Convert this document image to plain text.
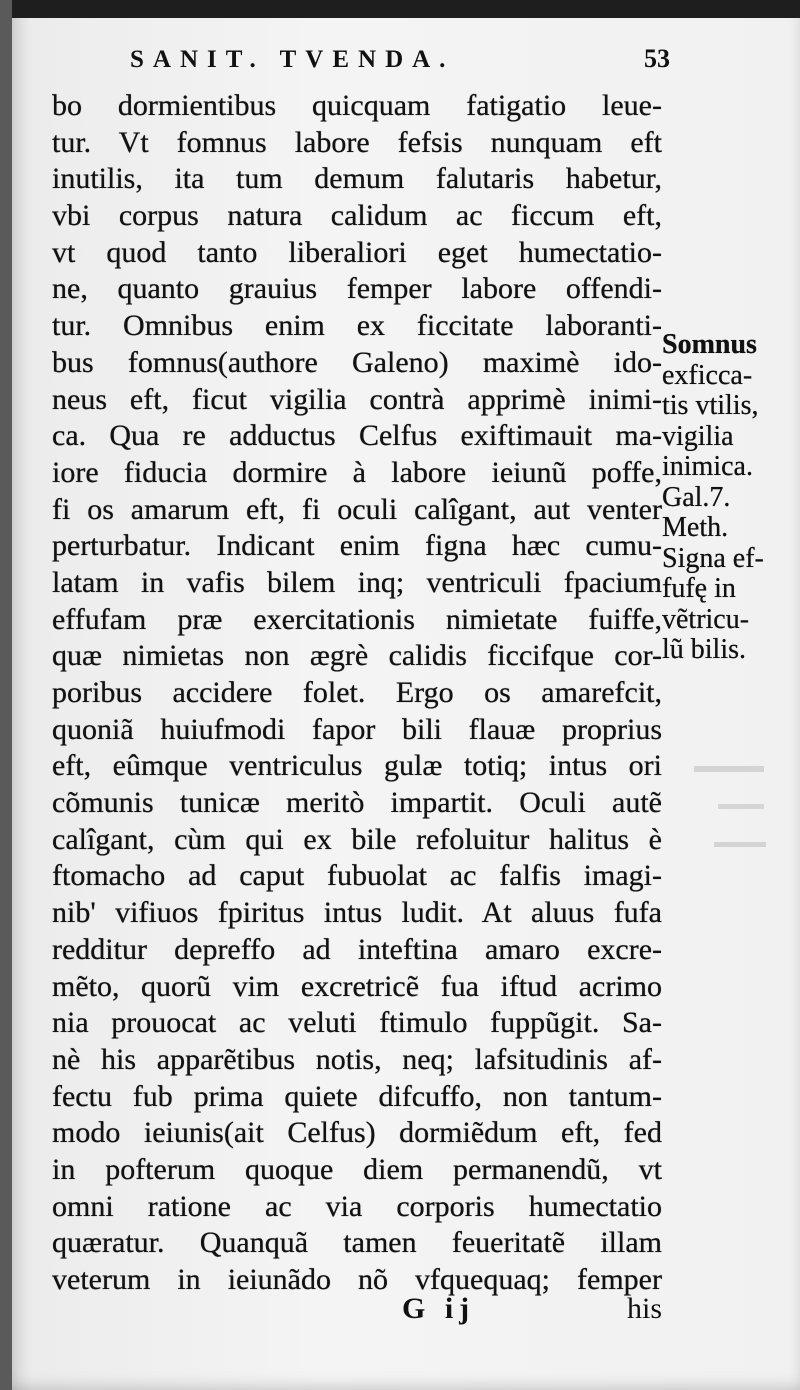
SANIT. TVENDA.	53
bo dormientibus quicquam fatigatio leue-
tur. Vt fomnus labore fefsis nunquam eft
inutilis, ita tum demum falutaris habetur,
vbi corpus natura calidum ac ficcum eft,
vt quod tanto liberaliori eget humectatio-
ne, quanto grauius femper labore offendi-
tur. Omnibus enim ex ficcitate laboranti-
bus fomnus(authore Galeno) maximè ido-
neus eft, ficut vigilia contrà apprimè inimi-
ca. Qua re adductus Celfus exiftimauit ma-
iore fiducia dormire à labore ieiunũ poffe,
fi os amarum eft, fi oculi calîgant, aut venter
perturbatur. Indicant enim figna hæc cumu-
latam in vafis bilem inq; ventriculi fpacium
effufam præ exercitationis nimietate fuiffe,
quæ nimietas non ægrè calidis ficcifque cor-
poribus accidere folet. Ergo os amarefcit,
quoniã huiufmodi fapor bili flauæ proprius
eft, eûmque ventriculus gulæ totiq; intus ori
cõmunis tunicæ meritò impartit. Oculi autẽ
calîgant, cùm qui ex bile refoluitur halitus è
ftomacho ad caput fubuolat ac falfis imagi-
nib' vifiuos fpiritus intus ludit. At aluus fufa
redditur depreffo ad inteftina amaro excre-
mẽto, quorũ vim excretricẽ fua iftud acrimo
nia prouocat ac veluti ftimulo fuppũgit. Sa-
nè his apparẽtibus notis, neq; lafsitudinis af-
fectu fub prima quiete difcuffo, non tantum-
modo ieiunis(ait Celfus) dormiẽdum eft, fed
in pofterum quoque diem permanendũ, vt
omni ratione ac via corporis humectatio
quæratur. Quanquã tamen feueritatẽ illam
veterum in ieiunãdo nõ vfquequaq; femper
Somnus
exficca-
tis vtilis,
vigilia
inimica.
Gal.7.
Meth.
Signa ef-
fufę in
vẽtricu-
lũ bilis.
G ij	his
